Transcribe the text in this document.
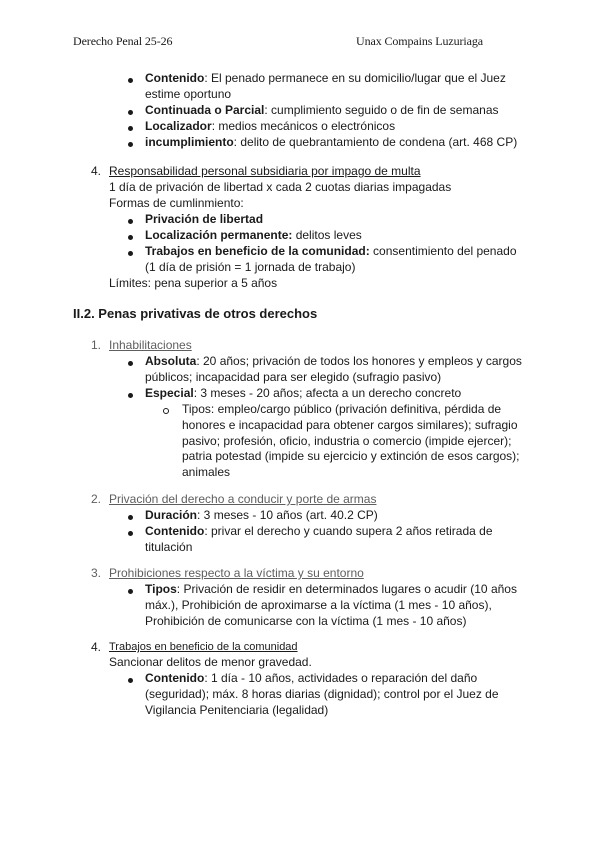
Derecho Penal 25-26	Unax Compains Luzuriaga
Contenido: El penado permanece en su domicilio/lugar que el Juez estime oportuno
Continuada o Parcial: cumplimiento seguido o de fin de semanas
Localizador: medios mecánicos o electrónicos
incumplimiento: delito de quebrantamiento de condena (art. 468 CP)
4. Responsabilidad personal subsidiaria por impago de multa
1 día de privación de libertad x cada 2 cuotas diarias impagadas
Formas de cumlinmiento:
Privación de libertad
Localización permanente: delitos leves
Trabajos en beneficio de la comunidad: consentimiento del penado (1 día de prisión = 1 jornada de trabajo)
Límites: pena superior a 5 años
II.2. Penas privativas de otros derechos
1. Inhabilitaciones
Absoluta: 20 años; privación de todos los honores y empleos y cargos públicos; incapacidad para ser elegido (sufragio pasivo)
Especial: 3 meses - 20 años; afecta a un derecho concreto
Tipos: empleo/cargo público (privación definitiva, pérdida de honores e incapacidad para obtener cargos similares); sufragio pasivo; profesión, oficio, industria o comercio (impide ejercer); patria potestad (impide su ejercicio y extinción de esos cargos); animales
2. Privación del derecho a conducir y porte de armas
Duración: 3 meses - 10 años (art. 40.2 CP)
Contenido: privar el derecho y cuando supera 2 años retirada de titulación
3. Prohibiciones respecto a la víctima y su entorno
Tipos: Privación de residir en determinados lugares o acudir (10 años máx.), Prohibición de aproximarse a la víctima (1 mes - 10 años), Prohibición de comunicarse con la víctima (1 mes - 10 años)
4. Trabajos en beneficio de la comunidad
Sancionar delitos de menor gravedad.
Contenido: 1 día - 10 años, actividades o reparación del daño (seguridad); máx. 8 horas diarias (dignidad); control por el Juez de Vigilancia Penitenciaria (legalidad)
